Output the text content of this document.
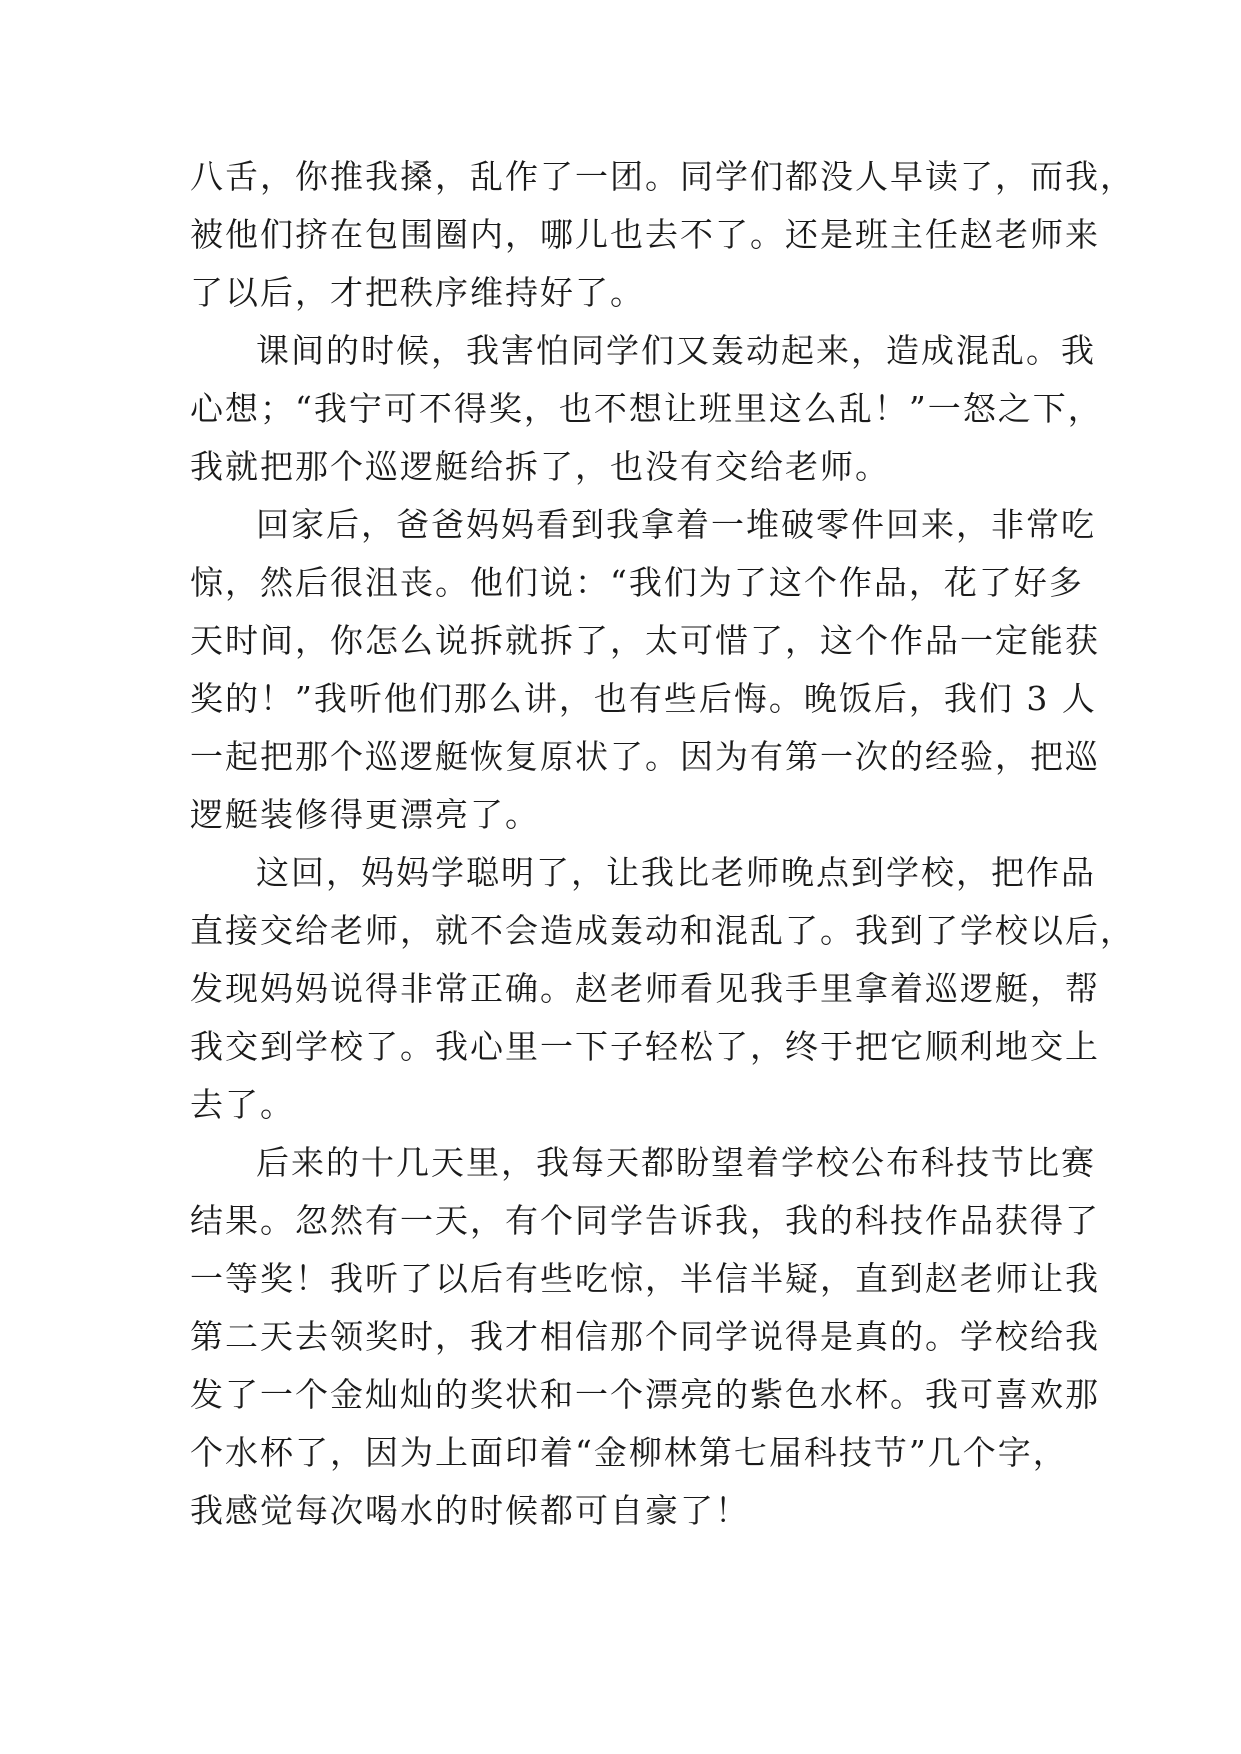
八舌，你推我搡，乱作了一团。同学们都没人早读了，而我，
被他们挤在包围圈内，哪儿也去不了。还是班主任赵老师来
了以后，才把秩序维持好了。
课间的时候，我害怕同学们又轰动起来，造成混乱。我
心想；“我宁可不得奖，也不想让班里这么乱！”一怒之下，
我就把那个巡逻艇给拆了，也没有交给老师。
回家后，爸爸妈妈看到我拿着一堆破零件回来，非常吃
惊，然后很沮丧。他们说：“我们为了这个作品，花了好多
天时间，你怎么说拆就拆了，太可惜了，这个作品一定能获
奖的！”我听他们那么讲，也有些后悔。晚饭后，我们 3 人
一起把那个巡逻艇恢复原状了。因为有第一次的经验，把巡
逻艇装修得更漂亮了。
这回，妈妈学聪明了，让我比老师晚点到学校，把作品
直接交给老师，就不会造成轰动和混乱了。我到了学校以后，
发现妈妈说得非常正确。赵老师看见我手里拿着巡逻艇，帮
我交到学校了。我心里一下子轻松了，终于把它顺利地交上
去了。
后来的十几天里，我每天都盼望着学校公布科技节比赛
结果。忽然有一天，有个同学告诉我，我的科技作品获得了
一等奖！我听了以后有些吃惊，半信半疑，直到赵老师让我
第二天去领奖时，我才相信那个同学说得是真的。学校给我
发了一个金灿灿的奖状和一个漂亮的紫色水杯。我可喜欢那
个水杯了，因为上面印着“金柳林第七届科技节”几个字，
我感觉每次喝水的时候都可自豪了！
